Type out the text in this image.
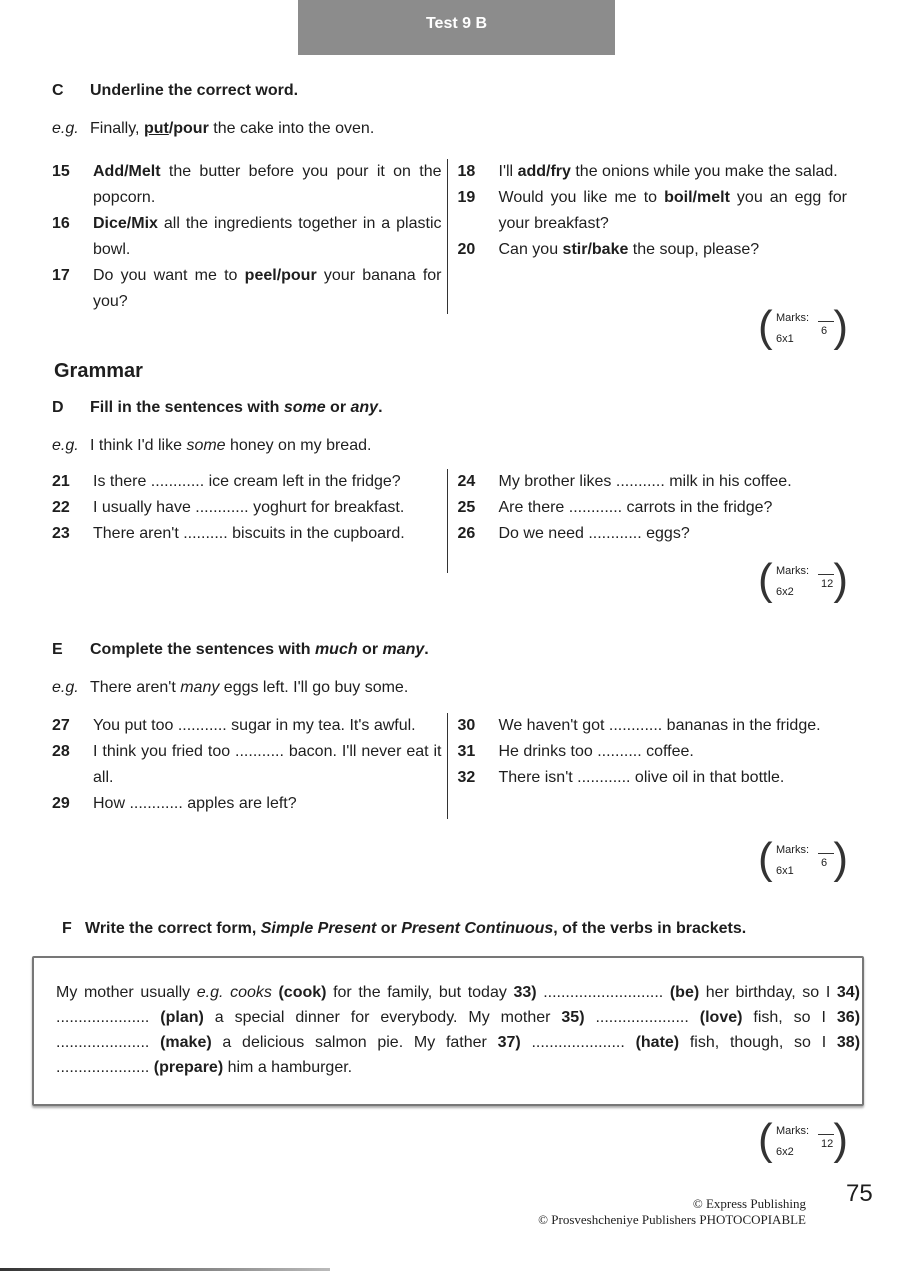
Test 9 B
C Underline the correct word.
e.g. Finally, put/pour the cake into the oven.
15	Add/Melt the butter before you pour it on the popcorn.
16	Dice/Mix all the ingredients together in a plastic bowl.
17	Do you want me to peel/pour your banana for you?
18	I'll add/fry the onions while you make the salad.
19	Would you like me to boil/melt you an egg for your breakfast?
20	Can you stir/bake the soup, please?
( Marks:
6
6x1 )
Grammar
D Fill in the sentences with some or any.
e.g. I think I'd like some honey on my bread.
21	Is there ............ ice cream left in the fridge?
22	I usually have ............ yoghurt for breakfast.
23	There aren't .......... biscuits in the cupboard.
24	My brother likes ........... milk in his coffee.
25	Are there ............ carrots in the fridge?
26	Do we need ............ eggs?
( Marks:
12
6x2 )
E Complete the sentences with much or many.
e.g. There aren't many eggs left. I'll go buy some.
27	You put too ........... sugar in my tea. It's awful.
28	I think you fried too ........... bacon. I'll never eat it all.
29	How ............ apples are left?
30	We haven't got ............ bananas in the fridge.
31	He drinks too .......... coffee.
32	There isn't ............ olive oil in that bottle.
( Marks:
6
6x1 )
F Write the correct form, Simple Present or Present Continuous, of the verbs in brackets.
My mother usually e.g. cooks (cook) for the family, but today 33) ........................... (be) her birthday, so I 34) ..................... (plan) a special dinner for everybody. My mother 35) ..................... (love) fish, so I 36) ..................... (make) a delicious salmon pie. My father 37) ..................... (hate) fish, though, so I 38) ..................... (prepare) him a hamburger.
( Marks:
12
6x2 )
© Express Publishing
© Prosveshcheniye Publishers PHOTOCOPIABLE
75
